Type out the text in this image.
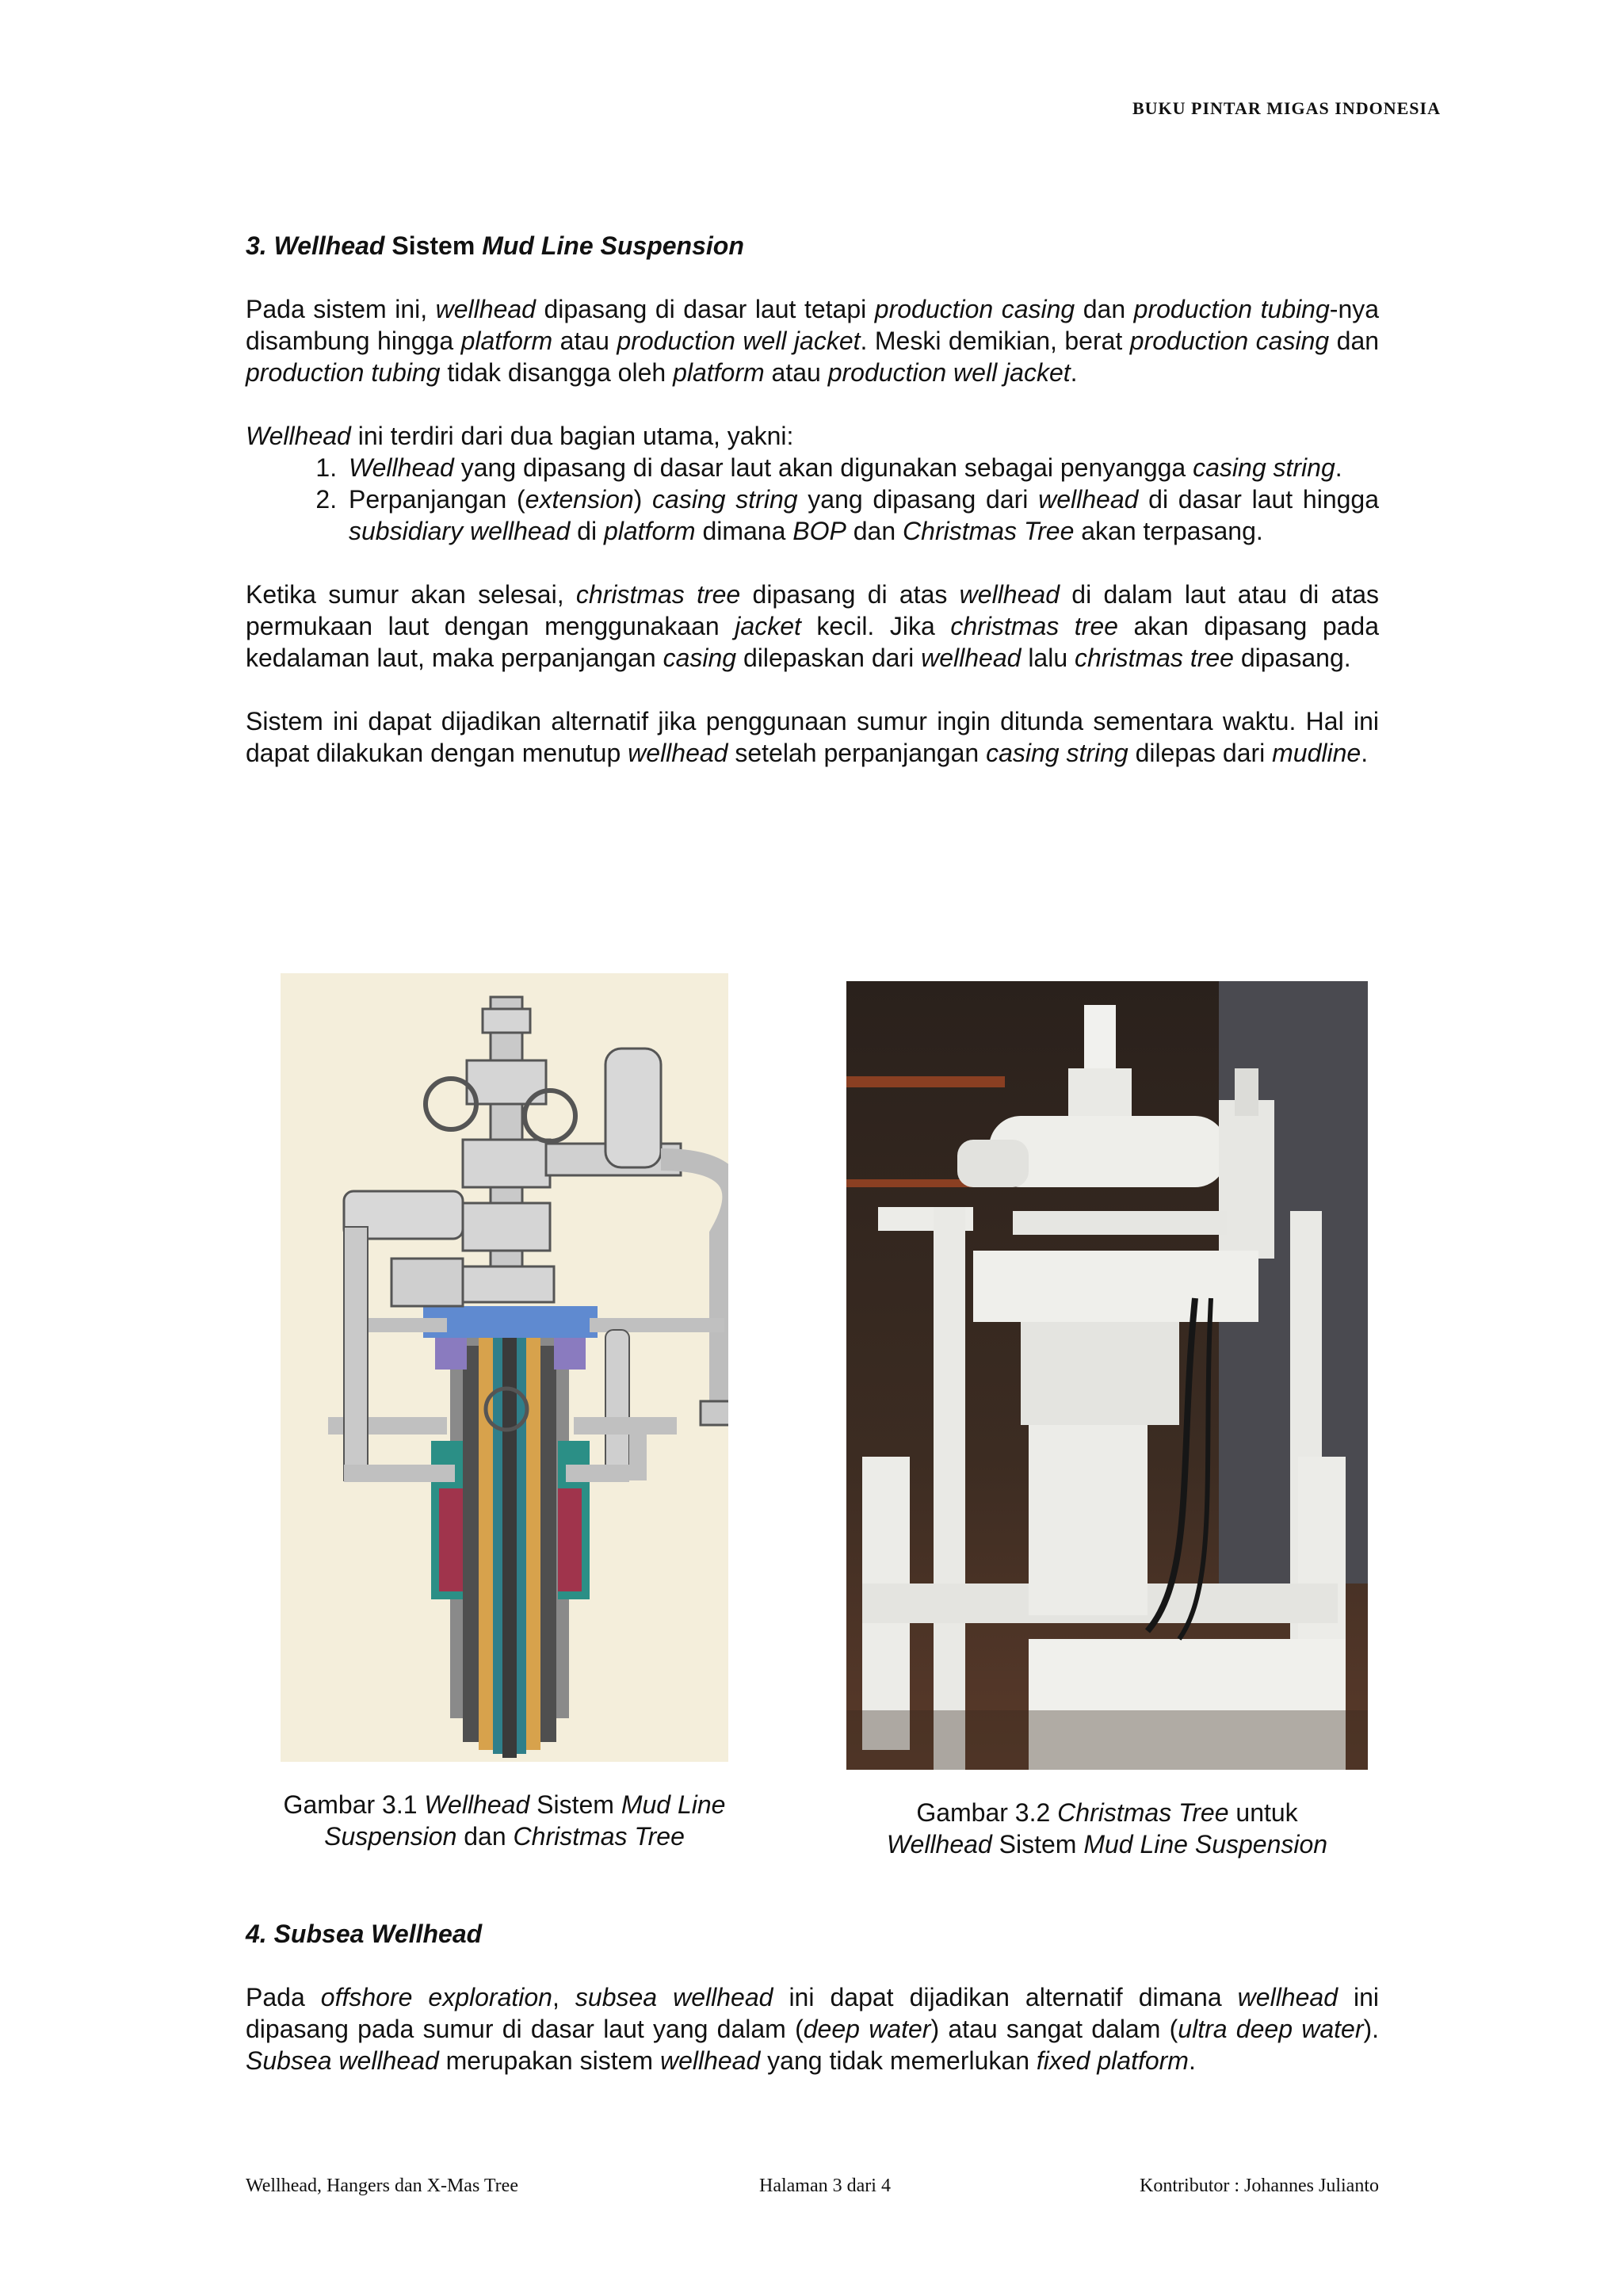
BUKU PINTAR MIGAS INDONESIA

3. Wellhead Sistem Mud Line Suspension

Pada sistem ini, wellhead dipasang di dasar laut tetapi production casing dan production tubing-nya disambung hingga platform atau production well jacket. Meski demikian, berat production casing dan production tubing tidak disangga oleh platform atau production well jacket.

Wellhead ini terdiri dari dua bagian utama, yakni:

1. Wellhead yang dipasang di dasar laut akan digunakan sebagai penyangga casing string.
2. Perpanjangan (extension) casing string yang dipasang dari wellhead di dasar laut hingga subsidiary wellhead di platform dimana BOP dan Christmas Tree akan terpasang.

Ketika sumur akan selesai, christmas tree dipasang di atas wellhead di dalam laut atau di atas permukaan laut dengan menggunakaan jacket kecil. Jika christmas tree akan dipasang pada kedalaman laut, maka perpanjangan casing dilepaskan dari wellhead lalu christmas tree dipasang.

Sistem ini dapat dijadikan alternatif jika penggunaan sumur ingin ditunda sementara waktu. Hal ini dapat dilakukan dengan menutup wellhead setelah perpanjangan casing string dilepas dari mudline.

Gambar 3.1 Wellhead Sistem Mud Line Suspension dan Christmas Tree
Gambar 3.2 Christmas Tree untuk
Wellhead Sistem Mud Line Suspension

4. Subsea Wellhead

Pada offshore exploration, subsea wellhead ini dapat dijadikan alternatif dimana wellhead ini dipasang pada sumur di dasar laut yang dalam (deep water) atau sangat dalam (ultra deep water). Subsea wellhead merupakan sistem wellhead yang tidak memerlukan fixed platform.

Wellhead, Hangers dan X-Mas Tree	Halaman 3 dari 4	Kontributor : Johannes Julianto
